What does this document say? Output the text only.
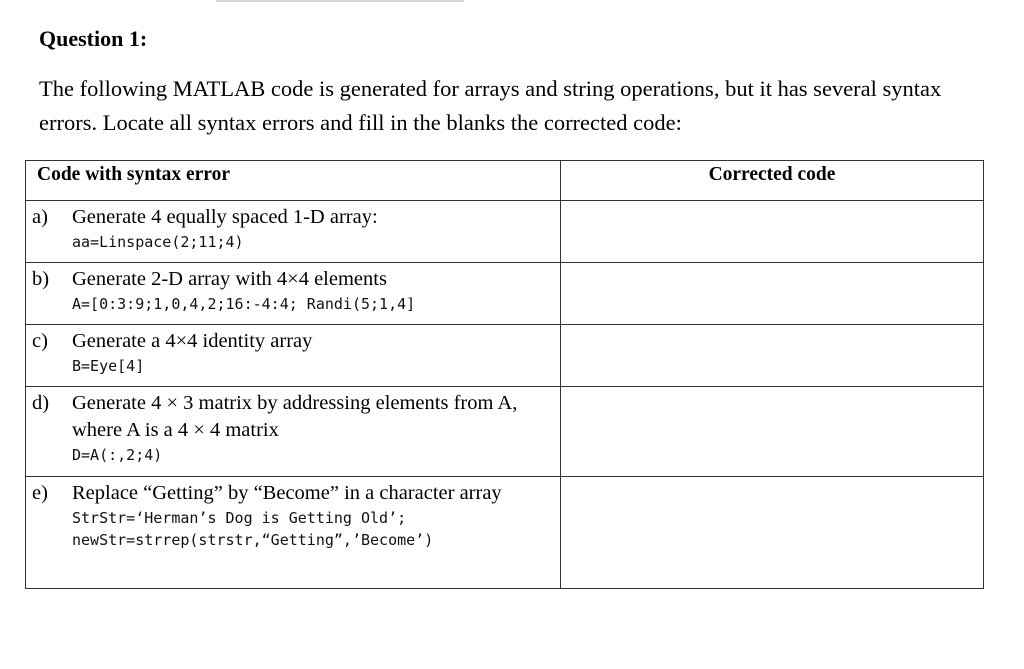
Question 1:
The following MATLAB code is generated for arrays and string operations, but it has several syntax errors. Locate all syntax errors and fill in the blanks the corrected code:
Code with syntax error	Corrected code

a) Generate 4 equally spaced 1-D array:
aa=Linspace(2;11;4)	

b) Generate 2-D array with 4×4 elements
A=[0:3:9;1,0,4,2;16:-4:4; Randi(5;1,4]	

c) Generate a 4×4 identity array
B=Eye[4]	

d) Generate 4 × 3 matrix by addressing elements from A, where A is a 4 × 4 matrix
D=A(:,2;4)	

e) Replace “Getting” by “Become” in a character array
StrStr=‘Herman’s Dog is Getting Old’;
newStr=strrep(strstr,“Getting”,’Become’)	
